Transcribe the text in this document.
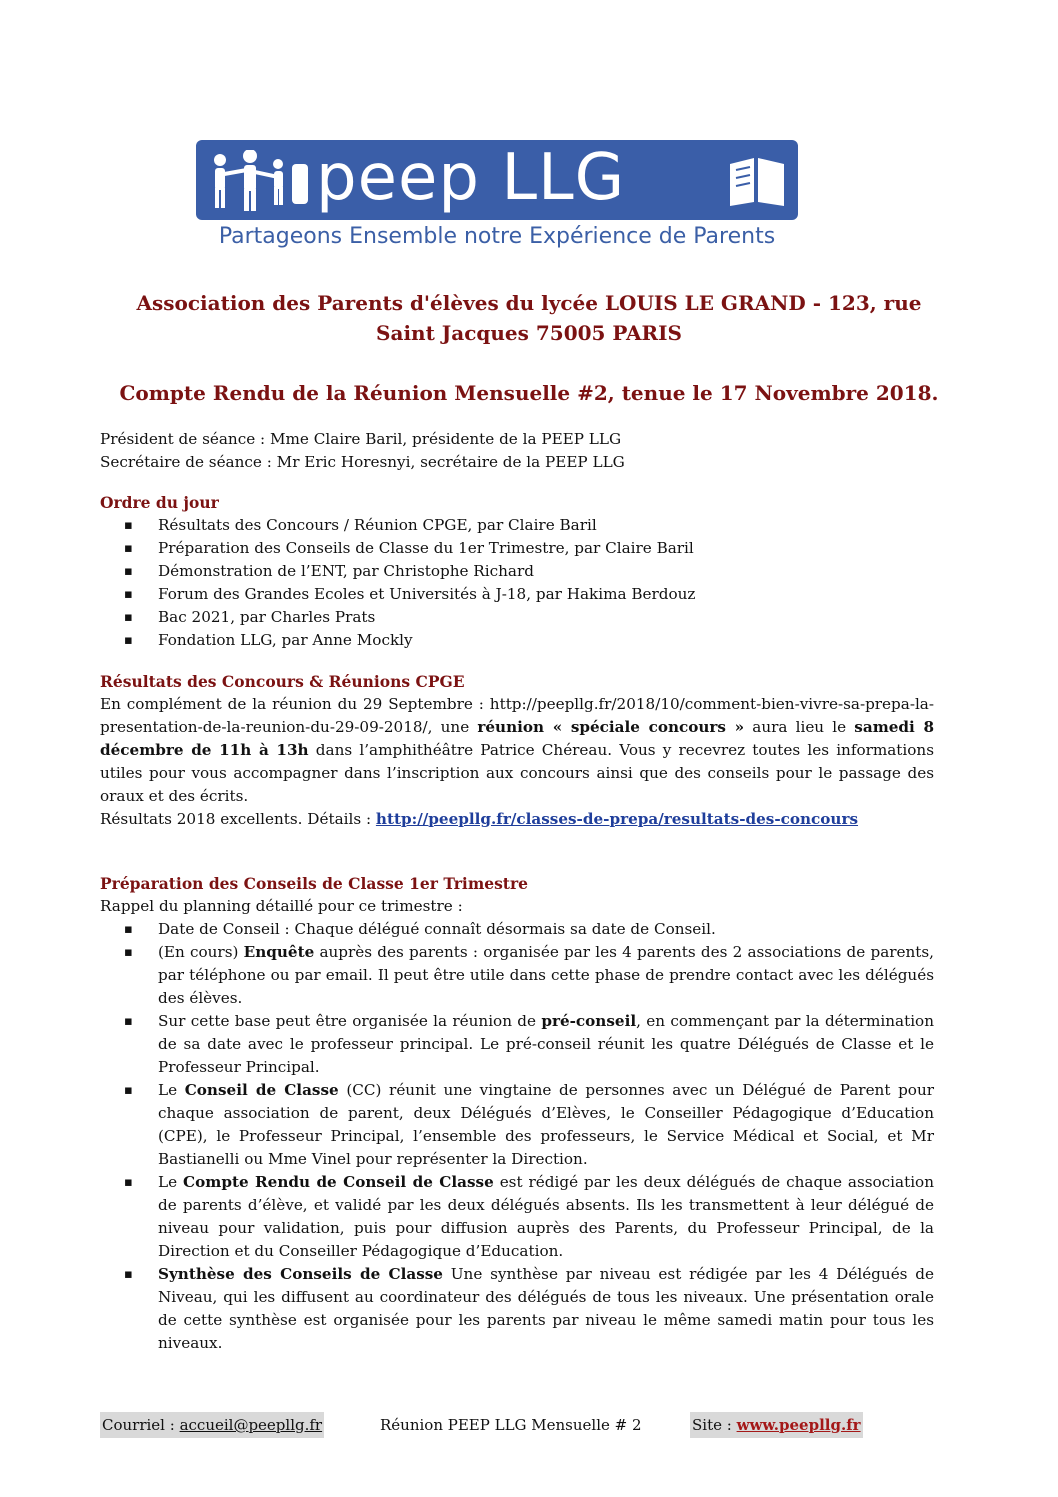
peep LLG
Partageons Ensemble notre Expérience de Parents
Association des Parents d'élèves du lycée LOUIS LE GRAND - 123, rue
Saint Jacques 75005 PARIS
Compte Rendu de la Réunion Mensuelle #2, tenue le 17 Novembre 2018.
Président de séance : Mme Claire Baril, présidente de la PEEP LLG
Secrétaire de séance : Mr Eric Horesnyi, secrétaire de la PEEP LLG
Ordre du jour
▪ Résultats des Concours / Réunion CPGE, par Claire Baril
▪ Préparation des Conseils de Classe du 1er Trimestre, par Claire Baril
▪ Démonstration de l’ENT, par Christophe Richard
▪ Forum des Grandes Ecoles et Universités à J-18, par Hakima Berdouz
▪ Bac 2021, par Charles Prats
▪ Fondation LLG, par Anne Mockly
Résultats des Concours & Réunions CPGE
En complément de la réunion du 29 Septembre : http://peepllg.fr/2018/10/comment-bien-vivre-sa-prepa-la-presentation-de-la-reunion-du-29-09-2018/, une réunion « spéciale concours » aura lieu le samedi 8 décembre de 11h à 13h dans l’amphithéâtre Patrice Chéreau. Vous y recevrez toutes les informations utiles pour vous accompagner dans l’inscription aux concours ainsi que des conseils pour le passage des oraux et des écrits.
Résultats 2018 excellents. Détails : http://peepllg.fr/classes-de-prepa/resultats-des-concours
Préparation des Conseils de Classe 1er Trimestre
Rappel du planning détaillé pour ce trimestre :
▪ Date de Conseil : Chaque délégué connaît désormais sa date de Conseil.
▪ (En cours) Enquête auprès des parents : organisée par les 4 parents des 2 associations de parents, par téléphone ou par email. Il peut être utile dans cette phase de prendre contact avec les délégués des élèves.
▪ Sur cette base peut être organisée la réunion de pré-conseil, en commençant par la détermination de sa date avec le professeur principal. Le pré-conseil réunit les quatre Délégués de Classe et le Professeur Principal.
▪ Le Conseil de Classe (CC) réunit une vingtaine de personnes avec un Délégué de Parent pour chaque association de parent, deux Délégués d’Elèves, le Conseiller Pédagogique d’Education (CPE), le Professeur Principal, l’ensemble des professeurs, le Service Médical et Social, et Mr Bastianelli ou Mme Vinel pour représenter la Direction.
▪ Le Compte Rendu de Conseil de Classe est rédigé par les deux délégués de chaque association de parents d’élève, et validé par les deux délégués absents. Ils les transmettent à leur délégué de niveau pour validation, puis pour diffusion auprès des Parents, du Professeur Principal, de la Direction et du Conseiller Pédagogique d’Education.
▪ Synthèse des Conseils de Classe Une synthèse par niveau est rédigée par les 4 Délégués de Niveau, qui les diffusent au coordinateur des délégués de tous les niveaux. Une présentation orale de cette synthèse est organisée pour les parents par niveau le même samedi matin pour tous les niveaux.
Courriel : accueil@peepllg.fr	Réunion PEEP LLG Mensuelle # 2	Site : www.peepllg.fr
